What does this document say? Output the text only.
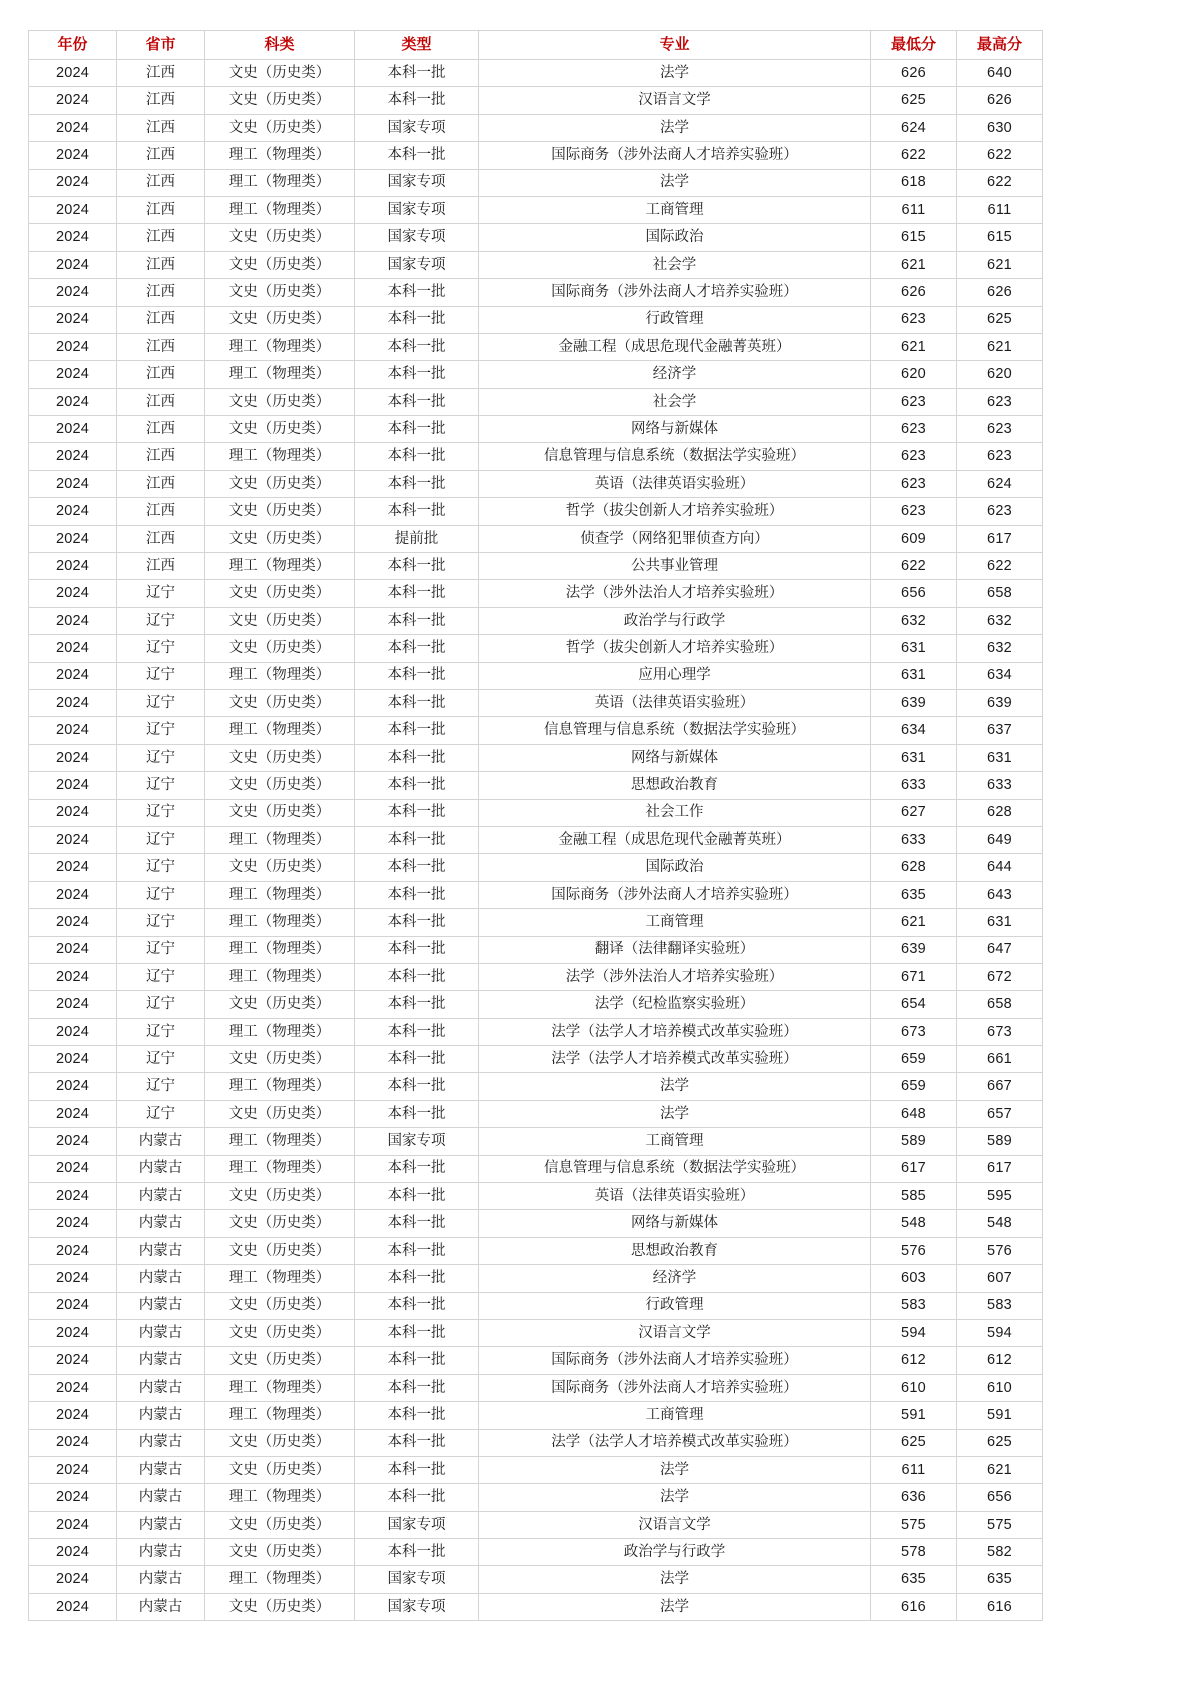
年份	省市	科类	类型	专业	最低分	最高分
2024	江西	文史（历史类）	本科一批	法学	626	640
2024	江西	文史（历史类）	本科一批	汉语言文学	625	626
2024	江西	文史（历史类）	国家专项	法学	624	630
2024	江西	理工（物理类）	本科一批	国际商务（涉外法商人才培养实验班）	622	622
2024	江西	理工（物理类）	国家专项	法学	618	622
2024	江西	理工（物理类）	国家专项	工商管理	611	611
2024	江西	文史（历史类）	国家专项	国际政治	615	615
2024	江西	文史（历史类）	国家专项	社会学	621	621
2024	江西	文史（历史类）	本科一批	国际商务（涉外法商人才培养实验班）	626	626
2024	江西	文史（历史类）	本科一批	行政管理	623	625
2024	江西	理工（物理类）	本科一批	金融工程（成思危现代金融菁英班）	621	621
2024	江西	理工（物理类）	本科一批	经济学	620	620
2024	江西	文史（历史类）	本科一批	社会学	623	623
2024	江西	文史（历史类）	本科一批	网络与新媒体	623	623
2024	江西	理工（物理类）	本科一批	信息管理与信息系统（数据法学实验班）	623	623
2024	江西	文史（历史类）	本科一批	英语（法律英语实验班）	623	624
2024	江西	文史（历史类）	本科一批	哲学（拔尖创新人才培养实验班）	623	623
2024	江西	文史（历史类）	提前批	侦查学（网络犯罪侦查方向）	609	617
2024	江西	理工（物理类）	本科一批	公共事业管理	622	622
2024	辽宁	文史（历史类）	本科一批	法学（涉外法治人才培养实验班）	656	658
2024	辽宁	文史（历史类）	本科一批	政治学与行政学	632	632
2024	辽宁	文史（历史类）	本科一批	哲学（拔尖创新人才培养实验班）	631	632
2024	辽宁	理工（物理类）	本科一批	应用心理学	631	634
2024	辽宁	文史（历史类）	本科一批	英语（法律英语实验班）	639	639
2024	辽宁	理工（物理类）	本科一批	信息管理与信息系统（数据法学实验班）	634	637
2024	辽宁	文史（历史类）	本科一批	网络与新媒体	631	631
2024	辽宁	文史（历史类）	本科一批	思想政治教育	633	633
2024	辽宁	文史（历史类）	本科一批	社会工作	627	628
2024	辽宁	理工（物理类）	本科一批	金融工程（成思危现代金融菁英班）	633	649
2024	辽宁	文史（历史类）	本科一批	国际政治	628	644
2024	辽宁	理工（物理类）	本科一批	国际商务（涉外法商人才培养实验班）	635	643
2024	辽宁	理工（物理类）	本科一批	工商管理	621	631
2024	辽宁	理工（物理类）	本科一批	翻译（法律翻译实验班）	639	647
2024	辽宁	理工（物理类）	本科一批	法学（涉外法治人才培养实验班）	671	672
2024	辽宁	文史（历史类）	本科一批	法学（纪检监察实验班）	654	658
2024	辽宁	理工（物理类）	本科一批	法学（法学人才培养模式改革实验班）	673	673
2024	辽宁	文史（历史类）	本科一批	法学（法学人才培养模式改革实验班）	659	661
2024	辽宁	理工（物理类）	本科一批	法学	659	667
2024	辽宁	文史（历史类）	本科一批	法学	648	657
2024	内蒙古	理工（物理类）	国家专项	工商管理	589	589
2024	内蒙古	理工（物理类）	本科一批	信息管理与信息系统（数据法学实验班）	617	617
2024	内蒙古	文史（历史类）	本科一批	英语（法律英语实验班）	585	595
2024	内蒙古	文史（历史类）	本科一批	网络与新媒体	548	548
2024	内蒙古	文史（历史类）	本科一批	思想政治教育	576	576
2024	内蒙古	理工（物理类）	本科一批	经济学	603	607
2024	内蒙古	文史（历史类）	本科一批	行政管理	583	583
2024	内蒙古	文史（历史类）	本科一批	汉语言文学	594	594
2024	内蒙古	文史（历史类）	本科一批	国际商务（涉外法商人才培养实验班）	612	612
2024	内蒙古	理工（物理类）	本科一批	国际商务（涉外法商人才培养实验班）	610	610
2024	内蒙古	理工（物理类）	本科一批	工商管理	591	591
2024	内蒙古	文史（历史类）	本科一批	法学（法学人才培养模式改革实验班）	625	625
2024	内蒙古	文史（历史类）	本科一批	法学	611	621
2024	内蒙古	理工（物理类）	本科一批	法学	636	656
2024	内蒙古	文史（历史类）	国家专项	汉语言文学	575	575
2024	内蒙古	文史（历史类）	本科一批	政治学与行政学	578	582
2024	内蒙古	理工（物理类）	国家专项	法学	635	635
2024	内蒙古	文史（历史类）	国家专项	法学	616	616
